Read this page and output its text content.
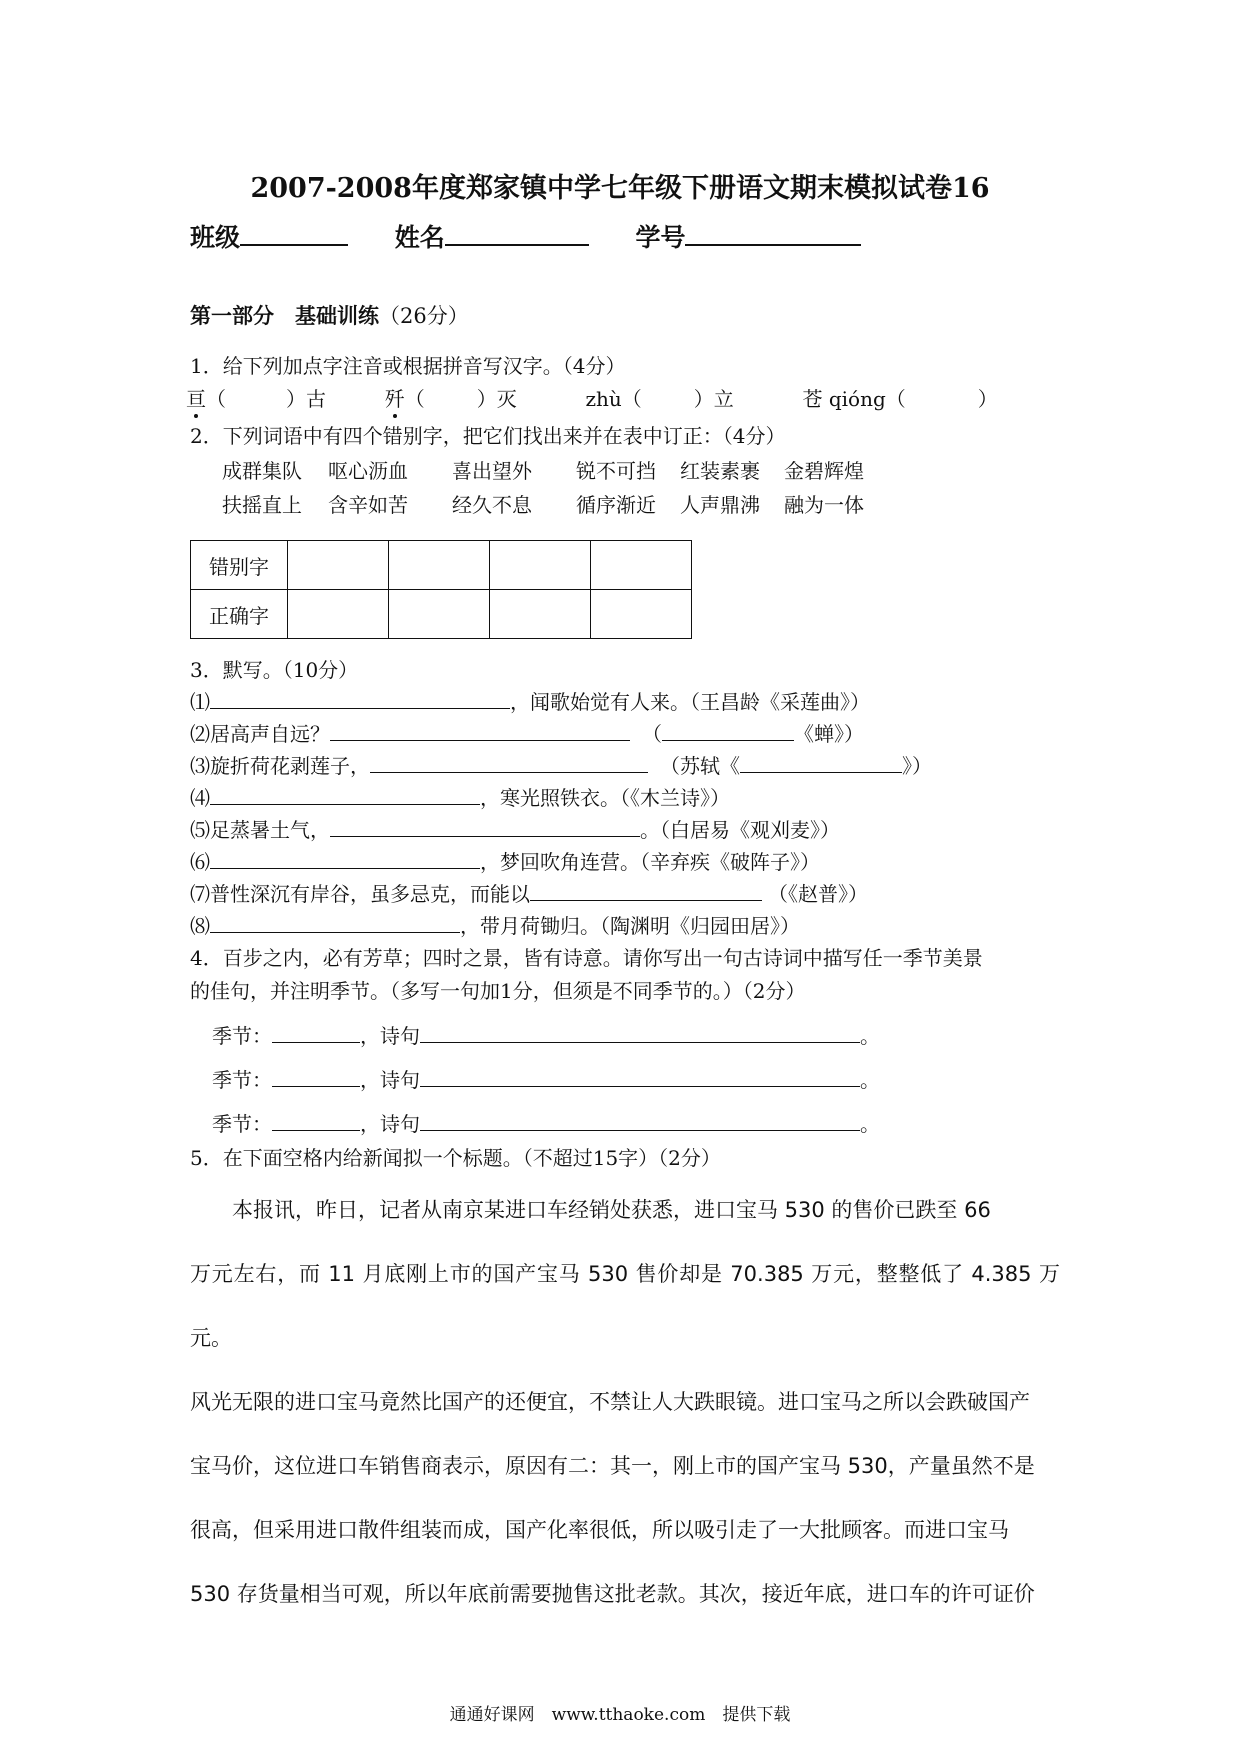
2007-2008年度郑家镇中学七年级下册语文期末模拟试卷16
班级	姓名	学号
第一部分　基础训练（26分）
1．给下列加点字注音或根据拼音写汉字。（4分）
亘（	）古	歼（	）灭	zhù（	）立	苍 qióng（	）
2．下列词语中有四个错别字，把它们找出来并在表中订正：（4分）
成群集队 呕心沥血 喜出望外 锐不可挡 红装素裹 金碧辉煌
扶摇直上 含辛如苦 经久不息 循序渐近 人声鼎沸 融为一体
错别字				
正确字				
3．默写。（10分）
⑴	，闻歌始觉有人来。（王昌龄《采莲曲》）
⑵居高声自远？	（	《蝉》）
⑶旋折荷花剥莲子，	（苏轼《	》）
⑷	，寒光照铁衣。（《木兰诗》）
⑸足蒸暑土气，	。（白居易《观刈麦》）
⑹	，梦回吹角连营。（辛弃疾《破阵子》）
⑺普性深沉有岸谷，虽多忌克，而能以	（《赵普》）
⑻	，带月荷锄归。（陶渊明《归园田居》）
4．百步之内，必有芳草；四时之景，皆有诗意。请你写出一句古诗词中描写任一季节美景
的佳句，并注明季节。（多写一句加1分，但须是不同季节的。）（2分）
季节：	，诗句	。
季节：	，诗句	。
季节：	，诗句	。
5．在下面空格内给新闻拟一个标题。（不超过15字）（2分）

本报讯，昨日，记者从南京某进口车经销处获悉，进口宝马 530 的售价已跌至 66

万元左右，而 11 月底刚上市的国产宝马 530 售价却是 70.385 万元，整整低了 4.385 万元。

风光无限的进口宝马竟然比国产的还便宜，不禁让人大跌眼镜。进口宝马之所以会跌破国产

宝马价，这位进口车销售商表示，原因有二：其一，刚上市的国产宝马 530，产量虽然不是

很高，但采用进口散件组装而成，国产化率很低，所以吸引走了一大批顾客。而进口宝马

530 存货量相当可观，所以年底前需要抛售这批老款。其次，接近年底，进口车的许可证价

通通好课网　www.tthaoke.com　提供下载
